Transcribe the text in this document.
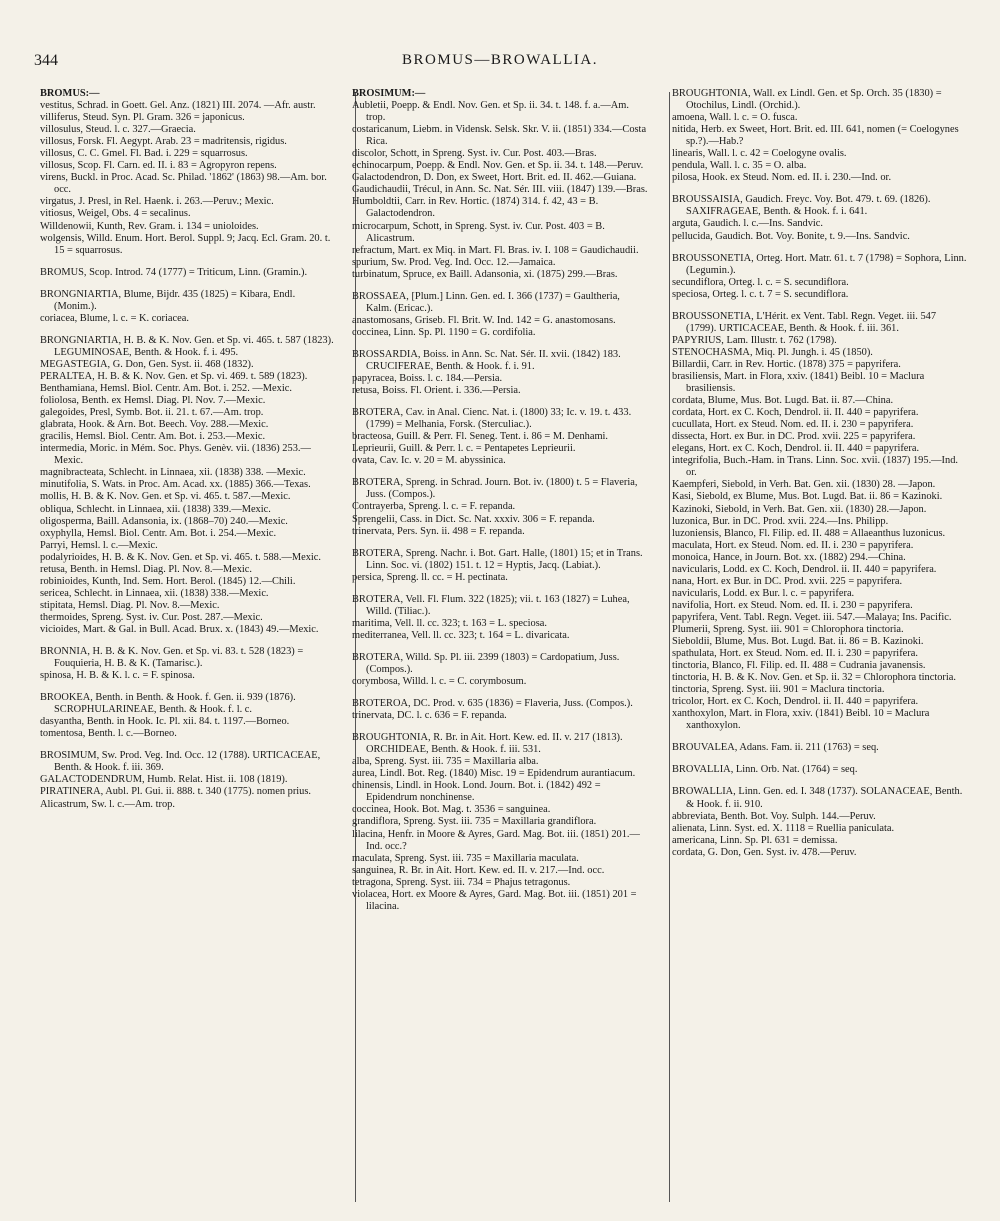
344	BROMUS—BROWALLIA.

BROMUS:—

vestitus, Schrad. in Goett. Gel. Anz. (1821) III. 2074. —Afr. austr.

villiferus, Steud. Syn. Pl. Gram. 326 = japonicus.

villosulus, Steud. l. c. 327.—Graecia.

villosus, Forsk. Fl. Aegypt. Arab. 23 = madritensis, rigidus.

villosus, C. C. Gmel. Fl. Bad. i. 229 = squarrosus.

villosus, Scop. Fl. Carn. ed. II. i. 83 = Agropyron repens.

virens, Buckl. in Proc. Acad. Sc. Philad. '1862' (1863) 98.—Am. bor. occ.

virgatus, J. Presl, in Rel. Haenk. i. 263.—Peruv.; Mexic.

vitiosus, Weigel, Obs. 4 = secalinus.

Willdenowii, Kunth, Rev. Gram. i. 134 = unioloides.

wolgensis, Willd. Enum. Hort. Berol. Suppl. 9; Jacq. Ecl. Gram. 20. t. 15 = squarrosus.

BROMUS, Scop. Introd. 74 (1777) = Triticum, Linn. (Gramin.).

BRONGNIARTIA, Blume, Bijdr. 435 (1825) = Kibara, Endl. (Monim.).

coriacea, Blume, l. c. = K. coriacea.

BRONGNIARTIA, H. B. & K. Nov. Gen. et Sp. vi. 465. t. 587 (1823). LEGUMINOSAE, Benth. & Hook. f. i. 495.

MEGASTEGIA, G. Don, Gen. Syst. ii. 468 (1832).

PERALTEA, H. B. & K. Nov. Gen. et Sp. vi. 469. t. 589 (1823).

Benthamiana, Hemsl. Biol. Centr. Am. Bot. i. 252. —Mexic.

foliolosa, Benth. ex Hemsl. Diag. Pl. Nov. 7.—Mexic.

galegoides, Presl, Symb. Bot. ii. 21. t. 67.—Am. trop.

glabrata, Hook. & Arn. Bot. Beech. Voy. 288.—Mexic.

gracilis, Hemsl. Biol. Centr. Am. Bot. i. 253.—Mexic.

intermedia, Moric. in Mém. Soc. Phys. Genèv. vii. (1836) 253.—Mexic.

magnibracteata, Schlecht. in Linnaea, xii. (1838) 338. —Mexic.

minutifolia, S. Wats. in Proc. Am. Acad. xx. (1885) 366.—Texas.

mollis, H. B. & K. Nov. Gen. et Sp. vi. 465. t. 587.—Mexic.

obliqua, Schlecht. in Linnaea, xii. (1838) 339.—Mexic.

oligosperma, Baill. Adansonia, ix. (1868–70) 240.—Mexic.

oxyphylla, Hemsl. Biol. Centr. Am. Bot. i. 254.—Mexic.

Parryi, Hemsl. l. c.—Mexic.

podalyrioides, H. B. & K. Nov. Gen. et Sp. vi. 465. t. 588.—Mexic.

retusa, Benth. in Hemsl. Diag. Pl. Nov. 8.—Mexic.

robinioides, Kunth, Ind. Sem. Hort. Berol. (1845) 12.—Chili.

sericea, Schlecht. in Linnaea, xii. (1838) 338.—Mexic.

stipitata, Hemsl. Diag. Pl. Nov. 8.—Mexic.

thermoides, Spreng. Syst. iv. Cur. Post. 287.—Mexic.

vicioides, Mart. & Gal. in Bull. Acad. Brux. x. (1843) 49.—Mexic.

BRONNIA, H. B. & K. Nov. Gen. et Sp. vi. 83. t. 528 (1823) = Fouquieria, H. B. & K. (Tamarisc.).

spinosa, H. B. & K. l. c. = F. spinosa.

BROOKEA, Benth. in Benth. & Hook. f. Gen. ii. 939 (1876). SCROPHULARINEAE, Benth. & Hook. f. l. c.

dasyantha, Benth. in Hook. Ic. Pl. xii. 84. t. 1197.—Borneo.

tomentosa, Benth. l. c.—Borneo.

BROSIMUM, Sw. Prod. Veg. Ind. Occ. 12 (1788). URTICACEAE, Benth. & Hook. f. iii. 369.

GALACTODENDRUM, Humb. Relat. Hist. ii. 108 (1819).

PIRATINERA, Aubl. Pl. Gui. ii. 888. t. 340 (1775). nomen prius.

Alicastrum, Sw. l. c.—Am. trop.

BROSIMUM:—

Aubletii, Poepp. & Endl. Nov. Gen. et Sp. ii. 34. t. 148. f. a.—Am. trop.

costaricanum, Liebm. in Vidensk. Selsk. Skr. V. ii. (1851) 334.—Costa Rica.

discolor, Schott, in Spreng. Syst. iv. Cur. Post. 403.—Bras.

echinocarpum, Poepp. & Endl. Nov. Gen. et Sp. ii. 34. t. 148.—Peruv.

Galactodendron, D. Don, ex Sweet, Hort. Brit. ed. II. 462.—Guiana.

Gaudichaudii, Trécul, in Ann. Sc. Nat. Sér. III. viii. (1847) 139.—Bras.

Humboldtii, Carr. in Rev. Hortic. (1874) 314. f. 42, 43 = B. Galactodendron.

microcarpum, Schott, in Spreng. Syst. iv. Cur. Post. 403 = B. Alicastrum.

refractum, Mart. ex Miq. in Mart. Fl. Bras. iv. I. 108 = Gaudichaudii.

spurium, Sw. Prod. Veg. Ind. Occ. 12.—Jamaica.

turbinatum, Spruce, ex Baill. Adansonia, xi. (1875) 299.—Bras.

BROSSAEA, [Plum.] Linn. Gen. ed. I. 366 (1737) = Gaultheria, Kalm. (Ericac.).

anastomosans, Griseb. Fl. Brit. W. Ind. 142 = G. anastomosans.

coccinea, Linn. Sp. Pl. 1190 = G. cordifolia.

BROSSARDIA, Boiss. in Ann. Sc. Nat. Sér. II. xvii. (1842) 183. CRUCIFERAE, Benth. & Hook. f. i. 91.

papyracea, Boiss. l. c. 184.—Persia.

retusa, Boiss. Fl. Orient. i. 336.—Persia.

BROTERA, Cav. in Anal. Cienc. Nat. i. (1800) 33; Ic. v. 19. t. 433. (1799) = Melhania, Forsk. (Sterculiac.).

bracteosa, Guill. & Perr. Fl. Seneg. Tent. i. 86 = M. Denhami.

Leprieurii, Guill. & Perr. l. c. = Pentapetes Leprieurii.

ovata, Cav. Ic. v. 20 = M. abyssinica.

BROTERA, Spreng. in Schrad. Journ. Bot. iv. (1800) t. 5 = Flaveria, Juss. (Compos.).

Contrayerba, Spreng. l. c. = F. repanda.

Sprengelii, Cass. in Dict. Sc. Nat. xxxiv. 306 = F. repanda.

trinervata, Pers. Syn. ii. 498 = F. repanda.

BROTERA, Spreng. Nachr. i. Bot. Gart. Halle, (1801) 15; et in Trans. Linn. Soc. vi. (1802) 151. t. 12 = Hyptis, Jacq. (Labiat.).

persica, Spreng. ll. cc. = H. pectinata.

BROTERA, Vell. Fl. Flum. 322 (1825); vii. t. 163 (1827) = Luhea, Willd. (Tiliac.).

maritima, Vell. ll. cc. 323; t. 163 = L. speciosa.

mediterranea, Vell. ll. cc. 323; t. 164 = L. divaricata.

BROTERA, Willd. Sp. Pl. iii. 2399 (1803) = Cardopatium, Juss. (Compos.).

corymbosa, Willd. l. c. = C. corymbosum.

BROTEROA, DC. Prod. v. 635 (1836) = Flaveria, Juss. (Compos.).

trinervata, DC. l. c. 636 = F. repanda.

BROUGHTONIA, R. Br. in Ait. Hort. Kew. ed. II. v. 217 (1813). ORCHIDEAE, Benth. & Hook. f. iii. 531.

alba, Spreng. Syst. iii. 735 = Maxillaria alba.

aurea, Lindl. Bot. Reg. (1840) Misc. 19 = Epidendrum aurantiacum.

chinensis, Lindl. in Hook. Lond. Journ. Bot. i. (1842) 492 = Epidendrum nonchinense.

coccinea, Hook. Bot. Mag. t. 3536 = sanguinea.

grandiflora, Spreng. Syst. iii. 735 = Maxillaria grandiflora.

lilacina, Henfr. in Moore & Ayres, Gard. Mag. Bot. iii. (1851) 201.—Ind. occ.?

maculata, Spreng. Syst. iii. 735 = Maxillaria maculata.

sanguinea, R. Br. in Ait. Hort. Kew. ed. II. v. 217.—Ind. occ.

tetragona, Spreng. Syst. iii. 734 = Phajus tetragonus.

violacea, Hort. ex Moore & Ayres, Gard. Mag. Bot. iii. (1851) 201 = lilacina.

BROUGHTONIA, Wall. ex Lindl. Gen. et Sp. Orch. 35 (1830) = Otochilus, Lindl. (Orchid.).

amoena, Wall. l. c. = O. fusca.

nitida, Herb. ex Sweet, Hort. Brit. ed. III. 641, nomen (= Coelogynes sp.?).—Hab.?

linearis, Wall. l. c. 42 = Coelogyne ovalis.

pendula, Wall. l. c. 35 = O. alba.

pilosa, Hook. ex Steud. Nom. ed. II. i. 230.—Ind. or.

BROUSSAISIA, Gaudich. Freyc. Voy. Bot. 479. t. 69. (1826). SAXIFRAGEAE, Benth. & Hook. f. i. 641.

arguta, Gaudich. l. c.—Ins. Sandvic.

pellucida, Gaudich. Bot. Voy. Bonite, t. 9.—Ins. Sandvic.

BROUSSONETIA, Orteg. Hort. Matr. 61. t. 7 (1798) = Sophora, Linn. (Legumin.).

secundiflora, Orteg. l. c. = S. secundiflora.

speciosa, Orteg. l. c. t. 7 = S. secundiflora.

BROUSSONETIA, L'Hérit. ex Vent. Tabl. Regn. Veget. iii. 547 (1799). URTICACEAE, Benth. & Hook. f. iii. 361.

PAPYRIUS, Lam. Illustr. t. 762 (1798).

STENOCHASMA, Miq. Pl. Jungh. i. 45 (1850).

Billardii, Carr. in Rev. Hortic. (1878) 375 = papyrifera.

brasiliensis, Mart. in Flora, xxiv. (1841) Beibl. 10 = Maclura brasiliensis.

cordata, Blume, Mus. Bot. Lugd. Bat. ii. 87.—China.

cordata, Hort. ex C. Koch, Dendrol. ii. II. 440 = papyrifera.

cucullata, Hort. ex Steud. Nom. ed. II. i. 230 = papyrifera.

dissecta, Hort. ex Bur. in DC. Prod. xvii. 225 = papyrifera.

elegans, Hort. ex C. Koch, Dendrol. ii. II. 440 = papyrifera.

integrifolia, Buch.-Ham. in Trans. Linn. Soc. xvii. (1837) 195.—Ind. or.

Kaempferi, Siebold, in Verh. Bat. Gen. xii. (1830) 28. —Japon.

Kasi, Siebold, ex Blume, Mus. Bot. Lugd. Bat. ii. 86 = Kazinoki.

Kazinoki, Siebold, in Verh. Bat. Gen. xii. (1830) 28.—Japon.

luzonica, Bur. in DC. Prod. xvii. 224.—Ins. Philipp.

luzoniensis, Blanco, Fl. Filip. ed. II. 488 = Allaeanthus luzonicus.

maculata, Hort. ex Steud. Nom. ed. II. i. 230 = papyrifera.

monoica, Hance, in Journ. Bot. xx. (1882) 294.—China.

navicularis, Lodd. ex C. Koch, Dendrol. ii. II. 440 = papyrifera.

nana, Hort. ex Bur. in DC. Prod. xvii. 225 = papyrifera.

navicularis, Lodd. ex Bur. l. c. = papyrifera.

navifolia, Hort. ex Steud. Nom. ed. II. i. 230 = papyrifera.

papyrifera, Vent. Tabl. Regn. Veget. iii. 547.—Malaya; Ins. Pacific.

Plumerii, Spreng. Syst. iii. 901 = Chlorophora tinctoria.

Sieboldii, Blume, Mus. Bot. Lugd. Bat. ii. 86 = B. Kazinoki.

spathulata, Hort. ex Steud. Nom. ed. II. i. 230 = papyrifera.

tinctoria, Blanco, Fl. Filip. ed. II. 488 = Cudrania javanensis.

tinctoria, H. B. & K. Nov. Gen. et Sp. ii. 32 = Chlorophora tinctoria.

tinctoria, Spreng. Syst. iii. 901 = Maclura tinctoria.

tricolor, Hort. ex C. Koch, Dendrol. ii. II. 440 = papyrifera.

xanthoxylon, Mart. in Flora, xxiv. (1841) Beibl. 10 = Maclura xanthoxylon.

BROUVALEA, Adans. Fam. ii. 211 (1763) = seq.

BROVALLIA, Linn. Orb. Nat. (1764) = seq.

BROWALLIA, Linn. Gen. ed. I. 348 (1737). SOLANACEAE, Benth. & Hook. f. ii. 910.

abbreviata, Benth. Bot. Voy. Sulph. 144.—Peruv.

alienata, Linn. Syst. ed. X. 1118 = Ruellia paniculata.

americana, Linn. Sp. Pl. 631 = demissa.

cordata, G. Don, Gen. Syst. iv. 478.—Peruv.
